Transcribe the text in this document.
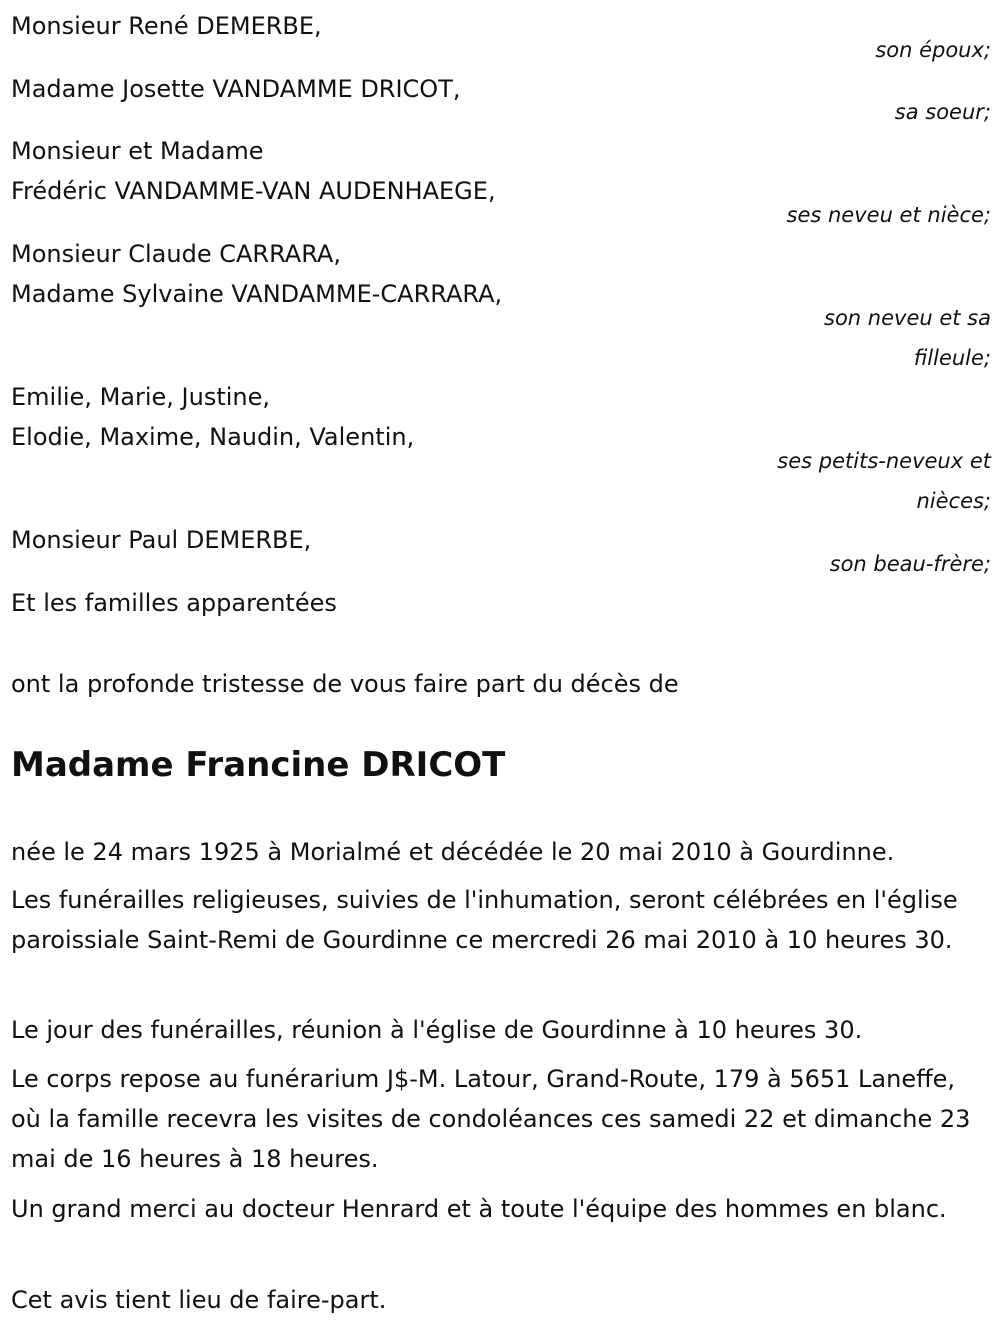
Monsieur René DEMERBE,
son époux;
Madame Josette VANDAMME DRICOT,
sa soeur;
Monsieur et Madame
Frédéric VANDAMME-VAN AUDENHAEGE,
ses neveu et nièce;
Monsieur Claude CARRARA,
Madame Sylvaine VANDAMME-CARRARA,
son neveu et sa
filleule;
Emilie, Marie, Justine,
Elodie, Maxime, Naudin, Valentin,
ses petits-neveux et
nièces;
Monsieur Paul DEMERBE,
son beau-frère;
Et les familles apparentées
ont la profonde tristesse de vous faire part du décès de
Madame Francine DRICOT
née le 24 mars 1925 à Morialmé et décédée le 20 mai 2010 à Gourdinne.
Les funérailles religieuses, suivies de l'inhumation, seront célébrées en l'église paroissiale Saint-Remi de Gourdinne ce mercredi 26 mai 2010 à 10 heures 30.
Le jour des funérailles, réunion à l'église de Gourdinne à 10 heures 30.
Le corps repose au funérarium J$-M. Latour, Grand-Route, 179 à 5651 Laneffe, où la famille recevra les visites de condoléances ces samedi 22 et dimanche 23 mai de 16 heures à 18 heures.
Un grand merci au docteur Henrard et à toute l'équipe des hommes en blanc.
Cet avis tient lieu de faire-part.
